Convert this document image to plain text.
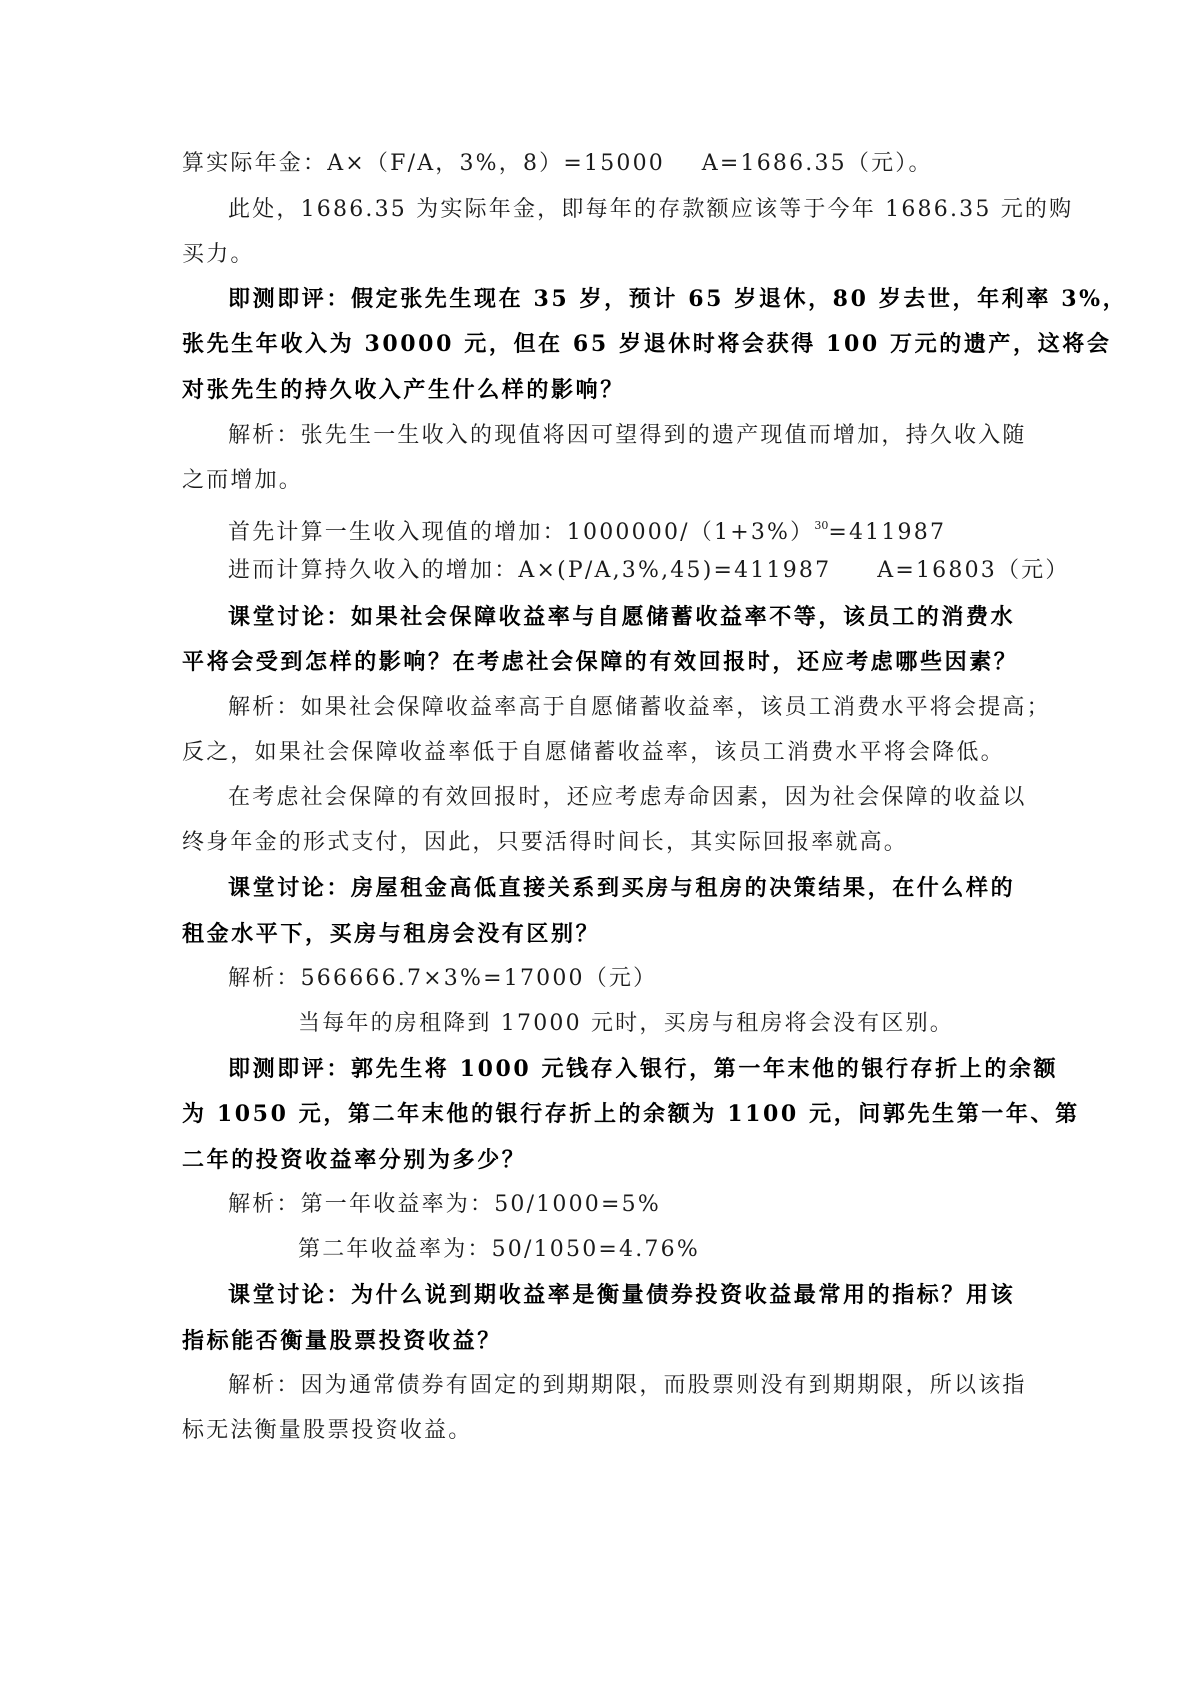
算实际年金：A×（F/A，3%，8）=15000    A=1686.35（元）。
此处，1686.35 为实际年金，即每年的存款额应该等于今年 1686.35 元的购
买力。
即测即评：假定张先生现在 35 岁，预计 65 岁退休，80 岁去世，年利率 3%，
张先生年收入为 30000 元，但在 65 岁退休时将会获得 100 万元的遗产，这将会
对张先生的持久收入产生什么样的影响？
解析：张先生一生收入的现值将因可望得到的遗产现值而增加，持久收入随
之而增加。
首先计算一生收入现值的增加：$1000000/(1+3\%)^{30}=411987$
进而计算持久收入的增加：A×(P/A,3%,45)=411987     A=16803（元）
课堂讨论：如果社会保障收益率与自愿储蓄收益率不等，该员工的消费水
平将会受到怎样的影响？在考虑社会保障的有效回报时，还应考虑哪些因素？
解析：如果社会保障收益率高于自愿储蓄收益率，该员工消费水平将会提高；
反之，如果社会保障收益率低于自愿储蓄收益率，该员工消费水平将会降低。
在考虑社会保障的有效回报时，还应考虑寿命因素，因为社会保障的收益以
终身年金的形式支付，因此，只要活得时间长，其实际回报率就高。
课堂讨论：房屋租金高低直接关系到买房与租房的决策结果，在什么样的
租金水平下，买房与租房会没有区别？
解析：566666.7×3%=17000（元）
当每年的房租降到 17000 元时，买房与租房将会没有区别。
即测即评：郭先生将 1000 元钱存入银行，第一年末他的银行存折上的余额
为 1050 元，第二年末他的银行存折上的余额为 1100 元，问郭先生第一年、第
二年的投资收益率分别为多少？
解析：第一年收益率为：50/1000=5%
第二年收益率为：50/1050=4.76%
课堂讨论：为什么说到期收益率是衡量债券投资收益最常用的指标？用该
指标能否衡量股票投资收益？
解析：因为通常债券有固定的到期期限，而股票则没有到期期限，所以该指
标无法衡量股票投资收益。
